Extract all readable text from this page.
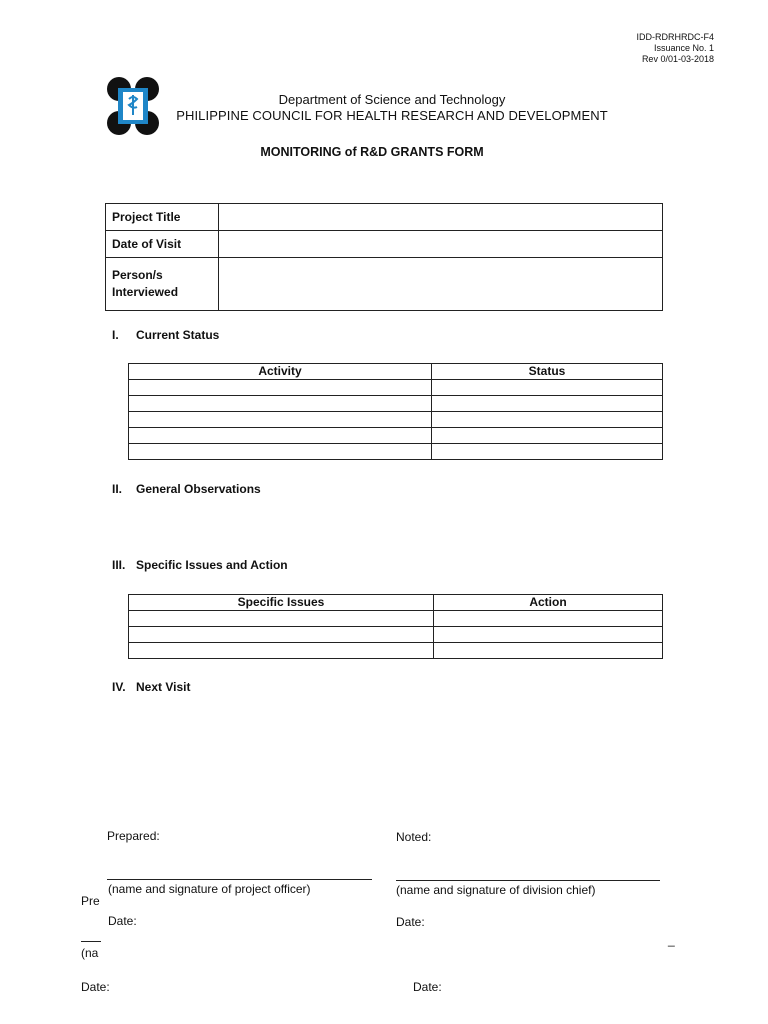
IDD-RDRHRDC-F4
Issuance No. 1
Rev 0/01-03-2018
Department of Science and Technology
PHILIPPINE COUNCIL FOR HEALTH RESEARCH AND DEVELOPMENT
MONITORING of R&D GRANTS FORM
Project Title	
Date of Visit	
Person/s
Interviewed	
I. Current Status
Activity	Status

II. General Observations
III. Specific Issues and Action
Specific Issues	Action

IV. Next Visit
Prepared:	Noted:
(name and signature of project officer)	(name and signature of division chief)
Date:	Date:
Pre
_
(na
Date:	Date:
